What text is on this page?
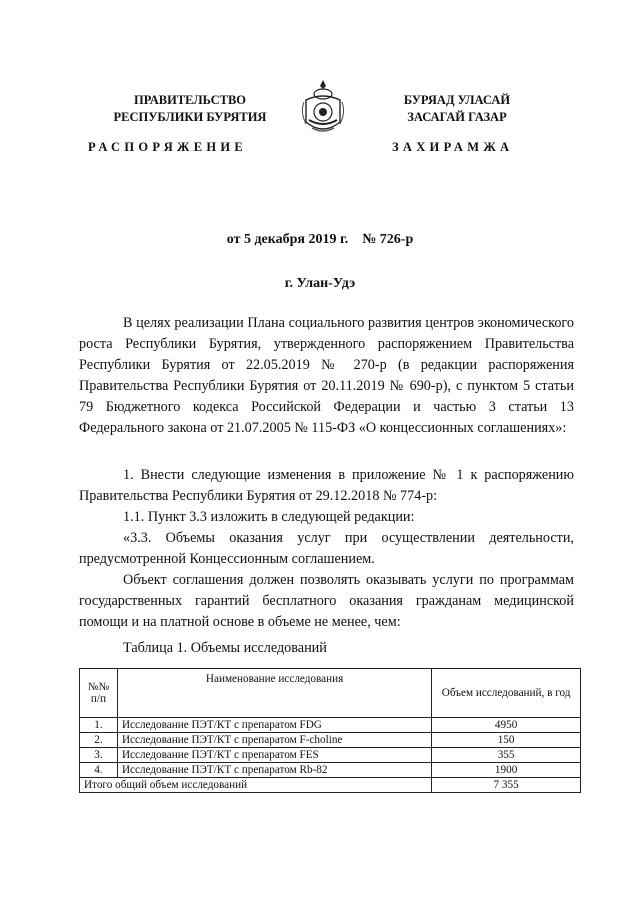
ПРАВИТЕЛЬСТВО
РЕСПУБЛИКИ БУРЯТИЯ
БУРЯАД УЛАСАЙ
ЗАСАГАЙ ГАЗАР
РАСПОРЯЖЕНИЕ	ЗАХИРАМЖА
от 5 декабря 2019 г.    № 726-р
г. Улан-Удэ
В целях реализации Плана социального развития центров экономического роста Республики Бурятия, утвержденного распоряжением Правительства Республики Бурятия от 22.05.2019 № 270-р (в редакции распоряжения Правительства Республики Бурятия от 20.11.2019 № 690-р), с пунктом 5 статьи 79 Бюджетного кодекса Российской Федерации и частью 3 статьи 13 Федерального закона от 21.07.2005 № 115-ФЗ «О концессионных соглашениях»:
1. Внести следующие изменения в приложение № 1 к распоряжению Правительства Республики Бурятия от 29.12.2018 № 774-р:
1.1. Пункт 3.3 изложить в следующей редакции:
«3.3. Объемы оказания услуг при осуществлении деятельности, предусмотренной Концессионным соглашением.
Объект соглашения должен позволять оказывать услуги по программам государственных гарантий бесплатного оказания гражданам медицинской помощи и на платной основе в объеме не менее, чем:
Таблица 1. Объемы исследований
№№ п/п	Наименование исследования	Объем исследований, в год
1.	Исследование ПЭТ/КТ с препаратом FDG	4950
2.	Исследование ПЭТ/КТ с препаратом F-choline	150
3.	Исследование ПЭТ/КТ с препаратом FES	355
4.	Исследование ПЭТ/КТ с препаратом Rb-82	1900
Итого общий объем исследований		7 355
